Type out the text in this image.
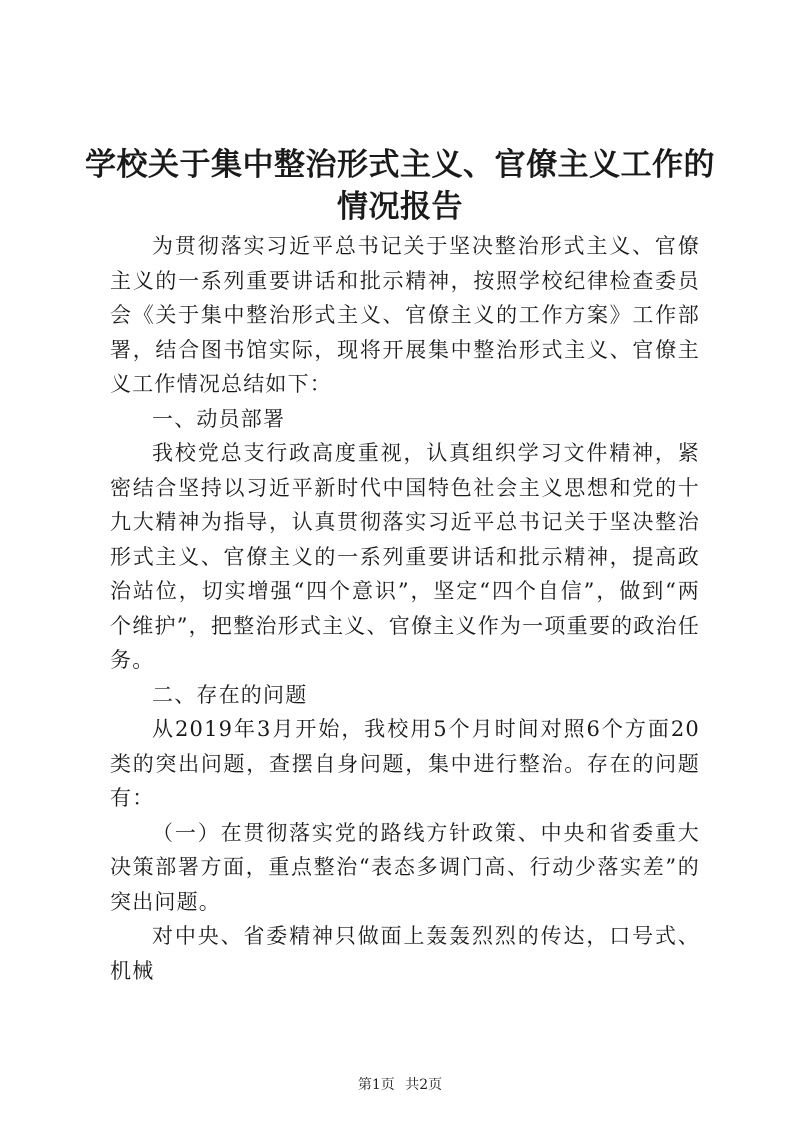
学校关于集中整治形式主义、官僚主义工作的
情况报告

为贯彻落实习近平总书记关于坚决整治形式主义、官僚主义的一系列重要讲话和批示精神，按照学校纪律检查委员会《关于集中整治形式主义、官僚主义的工作方案》工作部署，结合图书馆实际，现将开展集中整治形式主义、官僚主义工作情况总结如下：

一、动员部署

我校党总支行政高度重视，认真组织学习文件精神，紧密结合坚持以习近平新时代中国特色社会主义思想和党的十九大精神为指导，认真贯彻落实习近平总书记关于坚决整治形式主义、官僚主义的一系列重要讲话和批示精神，提高政治站位，切实增强“四个意识”，坚定“四个自信”，做到“两个维护”，把整治形式主义、官僚主义作为一项重要的政治任务。

二、存在的问题

从2019年3月开始，我校用5个月时间对照6个方面20类的突出问题，查摆自身问题，集中进行整治。存在的问题有：

（一）在贯彻落实党的路线方针政策、中央和省委重大决策部署方面，重点整治“表态多调门高、行动少落实差”的突出问题。

对中央、省委精神只做面上轰轰烈烈的传达，口号式、机械

第1页 共2页
